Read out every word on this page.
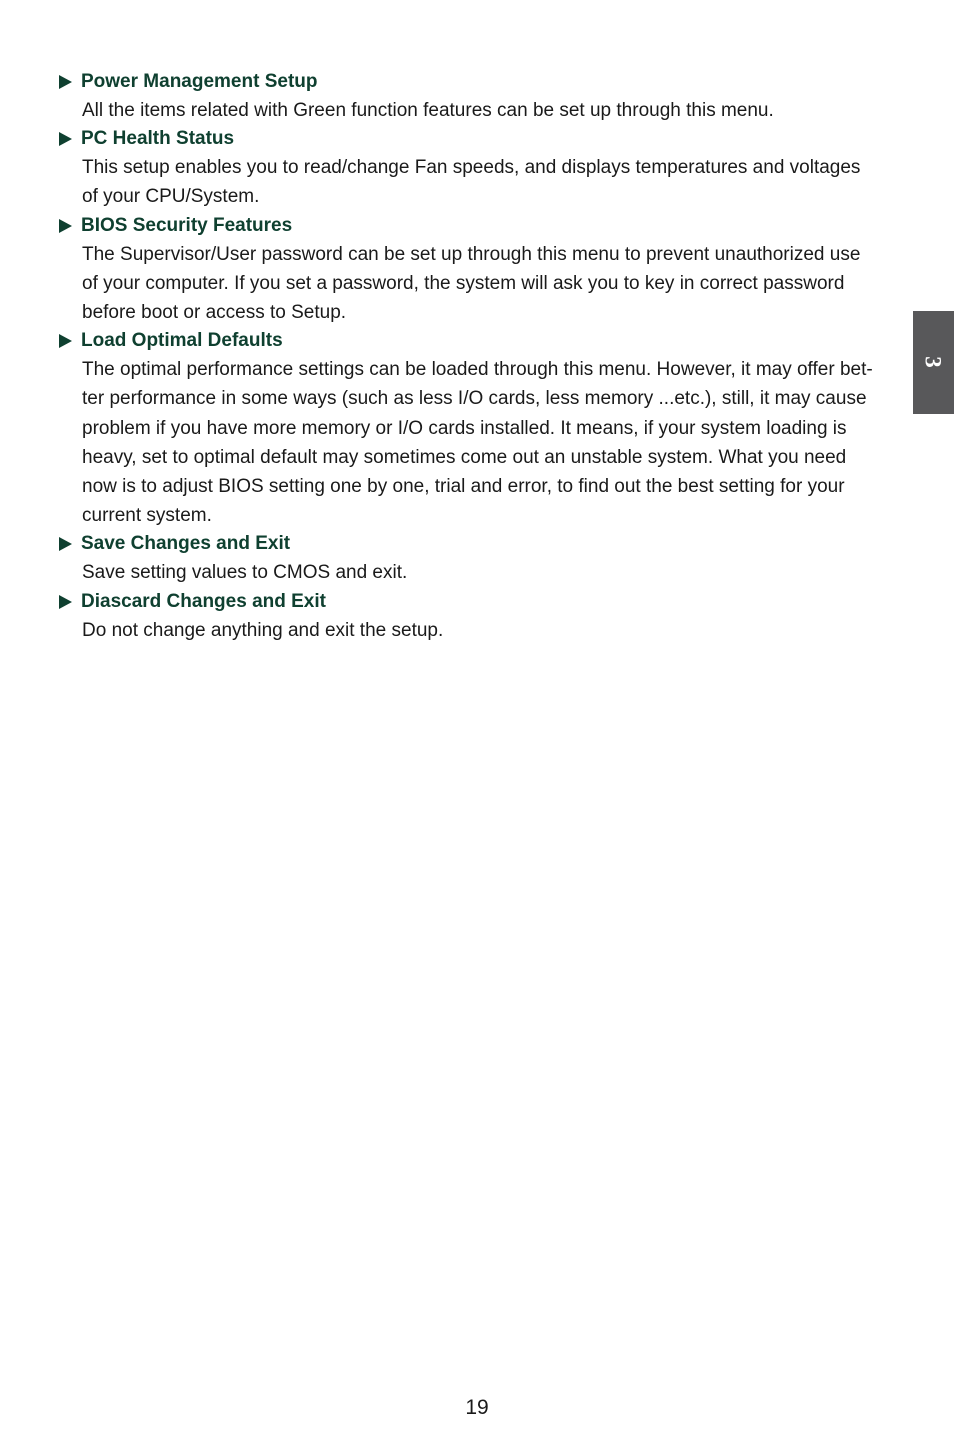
Power Management Setup
All the items related with Green function features can be set up through this menu.
PC Health Status
This setup enables you to read/change Fan speeds, and displays temperatures and voltages
of your CPU/System.
BIOS Security Features
The Supervisor/User password can be set up through this menu to prevent unauthorized use
of your computer. If you set a password, the system will ask you to key in correct password
before boot or access to Setup.
Load Optimal Defaults
The optimal performance settings can be loaded through this menu. However, it may offer bet-
ter performance in some ways (such as less I/O cards, less memory ...etc.), still, it may cause
problem if you have more memory or I/O cards installed. It means, if your system loading is
heavy, set to optimal default may sometimes come out an unstable system. What you need
now is to adjust BIOS setting one by one, trial and error, to find out the best setting for your
current system.
Save Changes and Exit
Save setting values to CMOS and exit.
Diascard Changes and Exit
Do not change anything and exit the setup.
3
19
